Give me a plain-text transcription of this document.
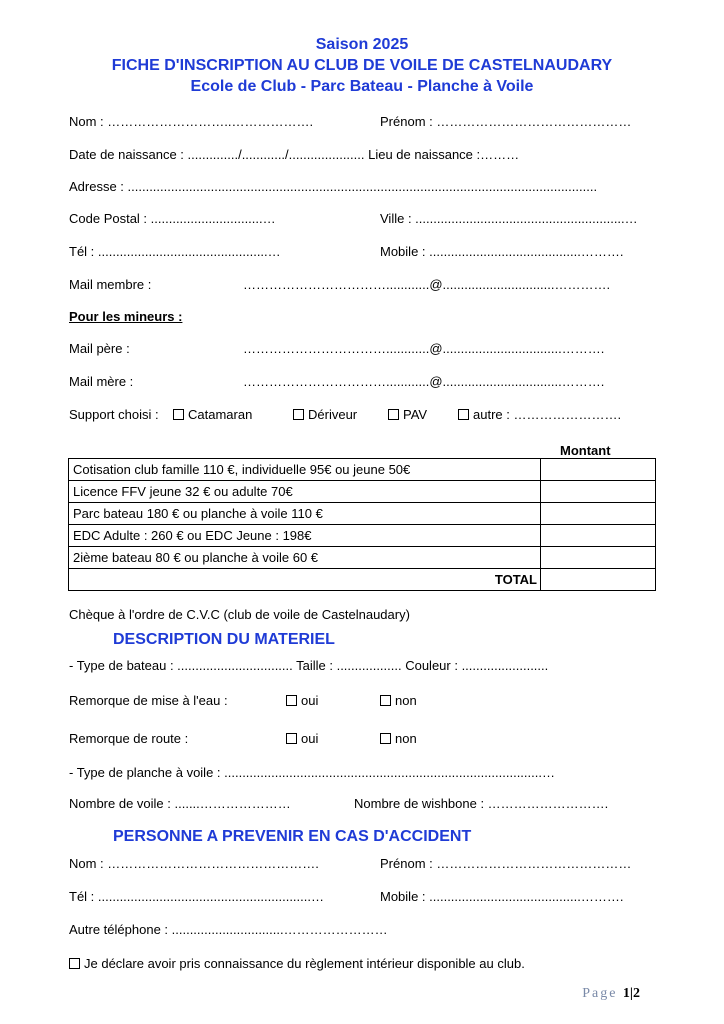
Saison 2025
FICHE D'INSCRIPTION AU CLUB DE VOILE DE CASTELNAUDARY
Ecole de Club - Parc Bateau - Planche à Voile
Nom : ………………………..……………….	Prénom : ………………………………………
Date de naissance : ............../............/..................... Lieu de naissance :………
Adresse : ..................................................................................................................................
Code Postal : ...............................…	Ville : ..........................................................…
Tél : ...............................................…	Mobile : ..........................................……….
Mail membre :	……………………………............@...............................………….
Pour les mineurs :
Mail père :	……………………………............@.................................……….
Mail mère :	……………………………............@.................................……….
Support choisi :	Catamaran	Dériveur	PAV	autre : …………………….
Montant
Cotisation club famille 110 €, individuelle 95€ ou jeune 50€	
Licence FFV jeune 32 € ou adulte 70€	
Parc bateau 180 € ou planche à voile 110 €	
EDC Adulte : 260 € ou EDC Jeune : 198€	
2ième bateau 80 € ou planche à voile 60 €	
TOTAL	
Chèque à l'ordre de C.V.C (club de voile de Castelnaudary)
DESCRIPTION DU MATERIEL
- Type de bateau : ................................ Taille : .................. Couleur : ........................
Remorque de mise à l'eau :	oui	non
Remorque de route :	oui	non
- Type de planche à voile : ........................................................................................…
Nombre de voile : .......…………………	Nombre de wishbone : ……………………….
PERSONNE A PREVENIR EN CAS D'ACCIDENT
Nom : ………………………………………….	Prénom : ………………………………………
Tél : ...........................................................…	Mobile : ..........................................……….
Autre téléphone : ...............................……………………
Je déclare avoir pris connaissance du règlement intérieur disponible au club.
Page 1|2
